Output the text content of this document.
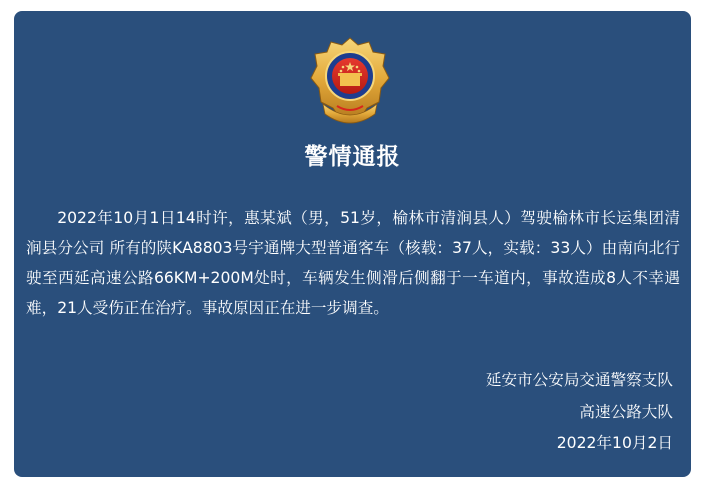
警情通报

2022年10月1日14时许，惠某斌（男，51岁，榆林市清涧县人）驾驶榆林市长运集团清涧县分公司 所有的陕KA8803号宇通牌大型普通客车（核载：37人，实载：33人）由南向北行驶至西延高速公路66KM+200M处时，车辆发生侧滑后侧翻于一车道内，事故造成8人不幸遇难，21人受伤正在治疗。事故原因正在进一步调查。

延安市公安局交通警察支队
高速公路大队
2022年10月2日
